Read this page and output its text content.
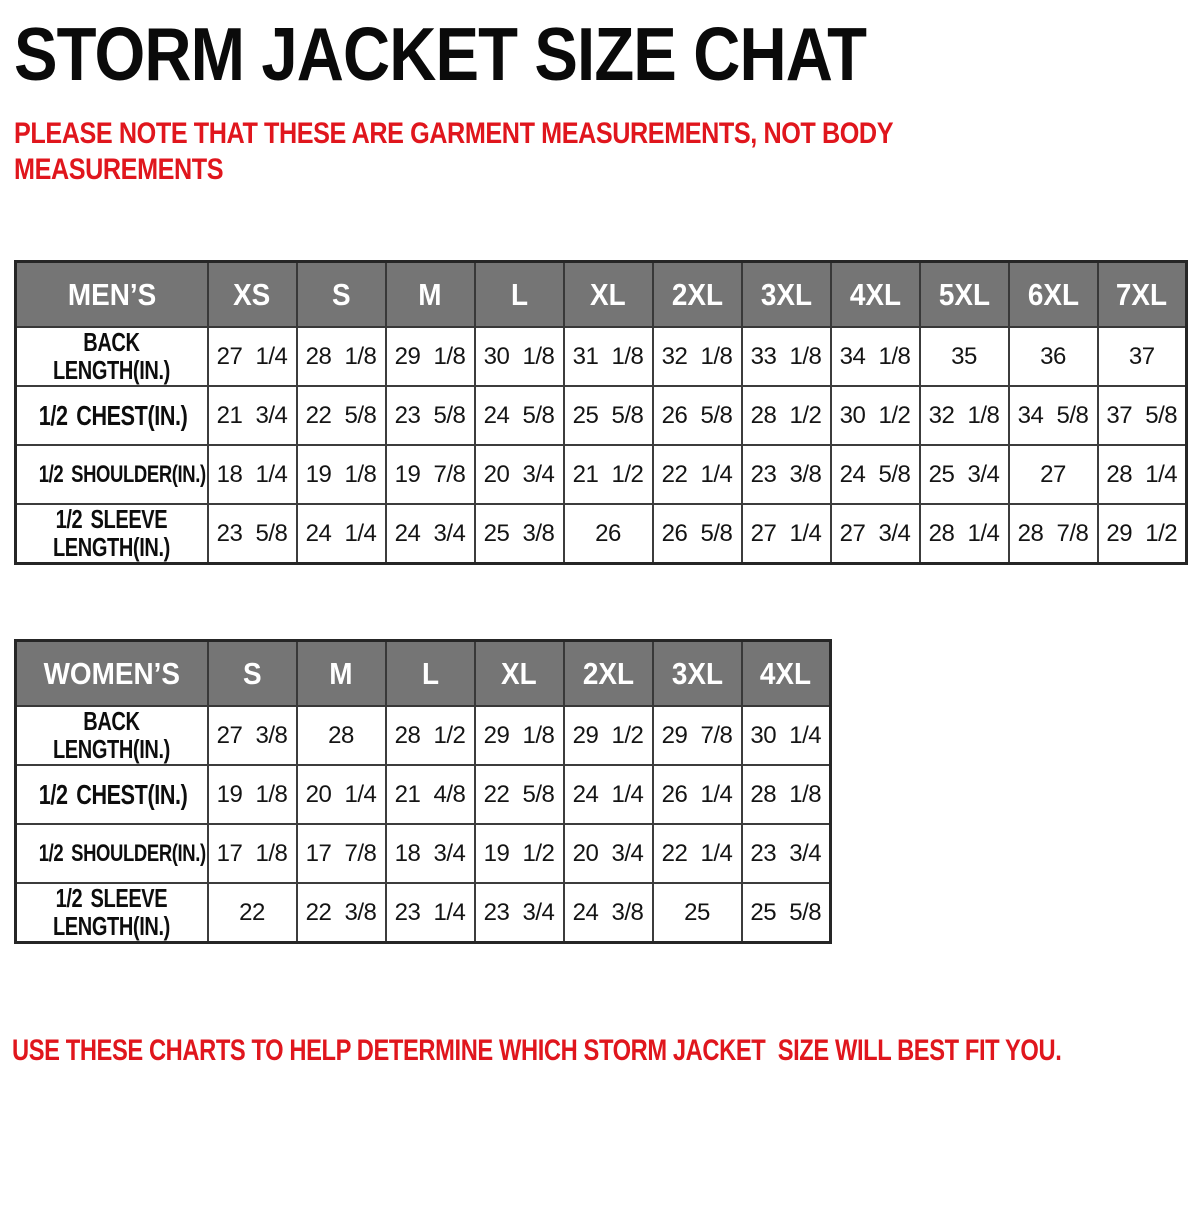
STORM JACKET SIZE CHAT
PLEASE NOTE THAT THESE ARE GARMENT MEASUREMENTS, NOT BODY
MEASUREMENTS
MEN’S	XS	S	M	L	XL	2XL	3XL	4XL	5XL	6XL	7XL
BACK LENGTH(IN.)	27 1/4	28 1/8	29 1/8	30 1/8	31 1/8	32 1/8	33 1/8	34 1/8	35	36	37
1/2 CHEST(IN.)	21 3/4	22 5/8	23 5/8	24 5/8	25 5/8	26 5/8	28 1/2	30 1/2	32 1/8	34 5/8	37 5/8
1/2 SHOULDER(IN.)	18 1/4	19 1/8	19 7/8	20 3/4	21 1/2	22 1/4	23 3/8	24 5/8	25 3/4	27	28 1/4
1/2 SLEEVE LENGTH(IN.)	23 5/8	24 1/4	24 3/4	25 3/8	26	26 5/8	27 1/4	27 3/4	28 1/4	28 7/8	29 1/2
WOMEN’S	S	M	L	XL	2XL	3XL	4XL
BACK LENGTH(IN.)	27 3/8	28	28 1/2	29 1/8	29 1/2	29 7/8	30 1/4
1/2 CHEST(IN.)	19 1/8	20 1/4	21 4/8	22 5/8	24 1/4	26 1/4	28 1/8
1/2 SHOULDER(IN.)	17 1/8	17 7/8	18 3/4	19 1/2	20 3/4	22 1/4	23 3/4
1/2 SLEEVE LENGTH(IN.)	22	22 3/8	23 1/4	23 3/4	24 3/8	25	25 5/8
USE THESE CHARTS TO HELP DETERMINE WHICH STORM JACKET  SIZE WILL BEST FIT YOU.
